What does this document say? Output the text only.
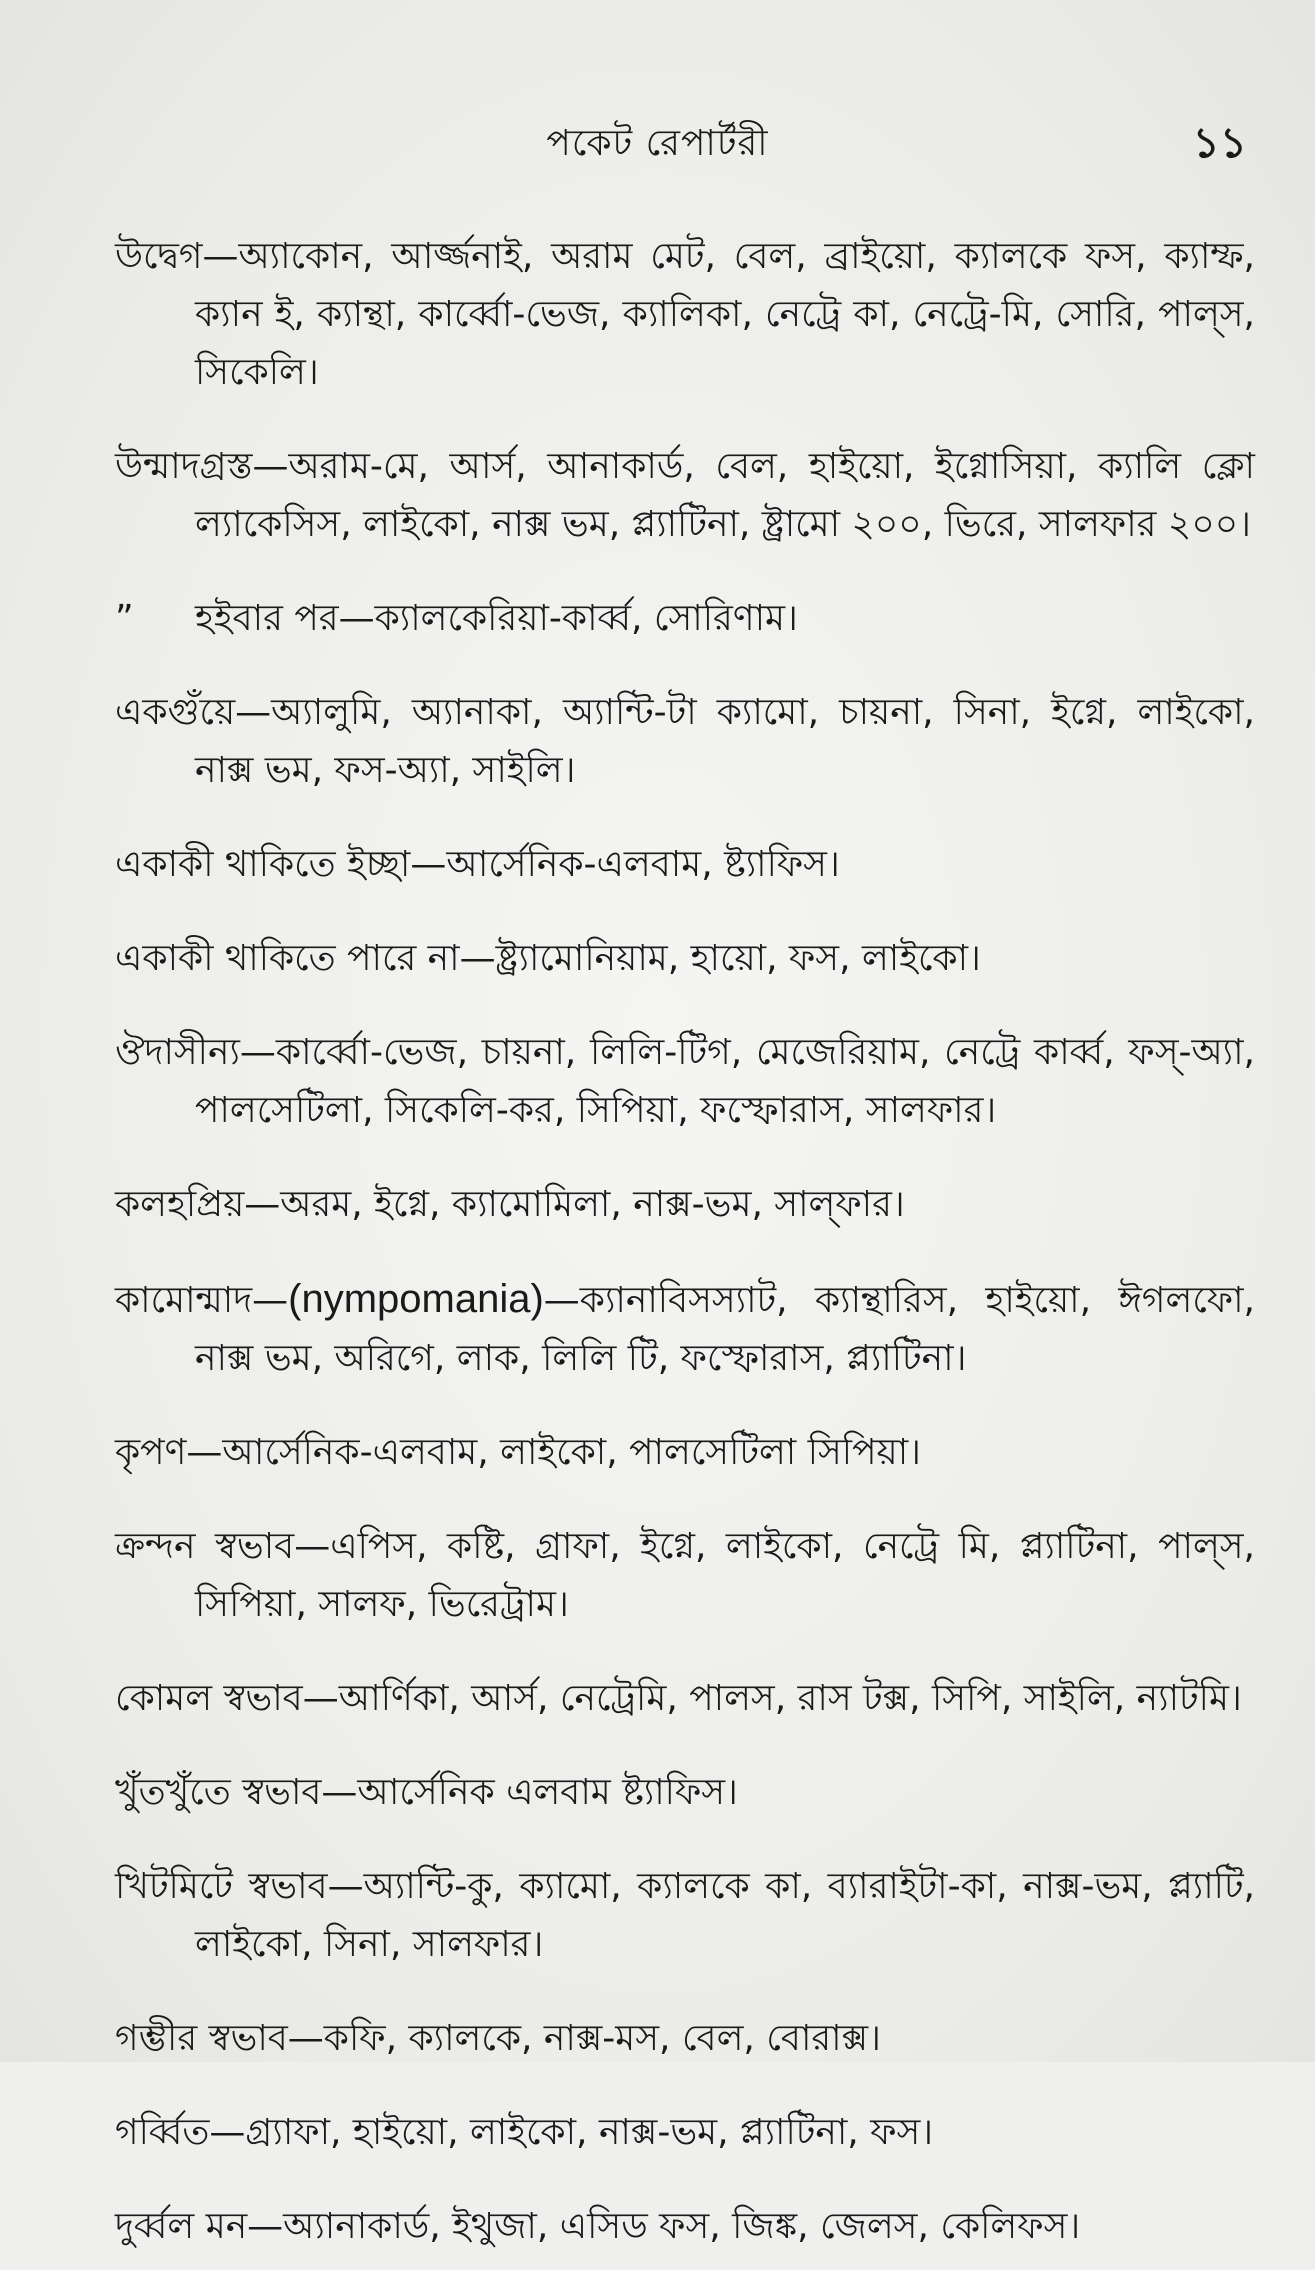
পকেট রেপার্টরী	১১

উদ্বেগ—অ্যাকোন, আর্জ্জনাই, অরাম মেট, বেল, ব্রাইয়ো, ক্যালকে ফস, ক্যাম্ফ, ক্যান ই, ক্যান্থা, কার্ব্বো-ভেজ, ক্যালিকা, নেট্রে কা, নেট্রে-মি, সোরি, পাল্‌স, সিকেলি।

উন্মাদগ্রস্ত—অরাম-মে, আর্স, আনাকার্ড, বেল, হাইয়ো, ইগ্নোসিয়া, ক্যালি ক্লো ল্যাকেসিস, লাইকো, নাক্স ভম, প্ল্যাটিনা, ষ্ট্রামো ২০০, ভিরে, সালফার ২০০।

” হইবার পর—ক্যালকেরিয়া-কার্ব্ব, সোরিণাম।

একগুঁয়ে—অ্যালুমি, অ্যানাকা, অ্যান্টি-টা ক্যামো, চায়না, সিনা, ইগ্নে, লাইকো, নাক্স ভম, ফস-অ্যা, সাইলি।

একাকী থাকিতে ইচ্ছা—আর্সেনিক-এলবাম, ষ্ট্যাফিস।

একাকী থাকিতে পারে না—ষ্ট্র্যামোনিয়াম, হায়ো, ফস, লাইকো।

ঔদাসীন্য—কার্ব্বো-ভেজ, চায়না, লিলি-টিগ, মেজেরিয়াম, নেট্রে কার্ব্ব, ফস্‌-অ্যা, পালসেটিলা, সিকেলি-কর, সিপিয়া, ফস্ফোরাস, সালফার।

কলহপ্রিয়—অরম, ইগ্নে, ক্যামোমিলা, নাক্স-ভম, সাল্‌ফার।

কামোন্মাদ—(nympomania)—ক্যানাবিসস্যাট, ক্যান্থারিস, হাইয়ো, ঈগলফো, নাক্স ভম, অরিগে, লাক, লিলি টি, ফস্ফোরাস, প্ল্যাটিনা।

কৃপণ—আর্সেনিক-এলবাম, লাইকো, পালসেটিলা সিপিয়া।

ক্রন্দন স্বভাব—এপিস, কষ্টি, গ্রাফা, ইগ্নে, লাইকো, নেট্রে মি, প্ল্যাটিনা, পাল্‌স, সিপিয়া, সালফ, ভিরেট্রাম।

কোমল স্বভাব—আর্ণিকা, আর্স, নেট্রেমি, পালস, রাস টক্স, সিপি, সাইলি, ন্যাটমি।

খুঁতখুঁতে স্বভাব—আর্সেনিক এলবাম ষ্ট্যাফিস।

খিটমিটে স্বভাব—অ্যান্টি-কু, ক্যামো, ক্যালকে কা, ব্যারাইটা-কা, নাক্স-ভম, প্ল্যাটি, লাইকো, সিনা, সালফার।

গম্ভীর স্বভাব—কফি, ক্যালকে, নাক্স-মস, বেল, বোরাক্স।

গর্ব্বিত—গ্র্যাফা, হাইয়ো, লাইকো, নাক্স-ভম, প্ল্যাটিনা, ফস।

দুর্ব্বল মন—অ্যানাকার্ড, ইথুজা, এসিড ফস, জিঙ্ক, জেলস, কেলিফস।
